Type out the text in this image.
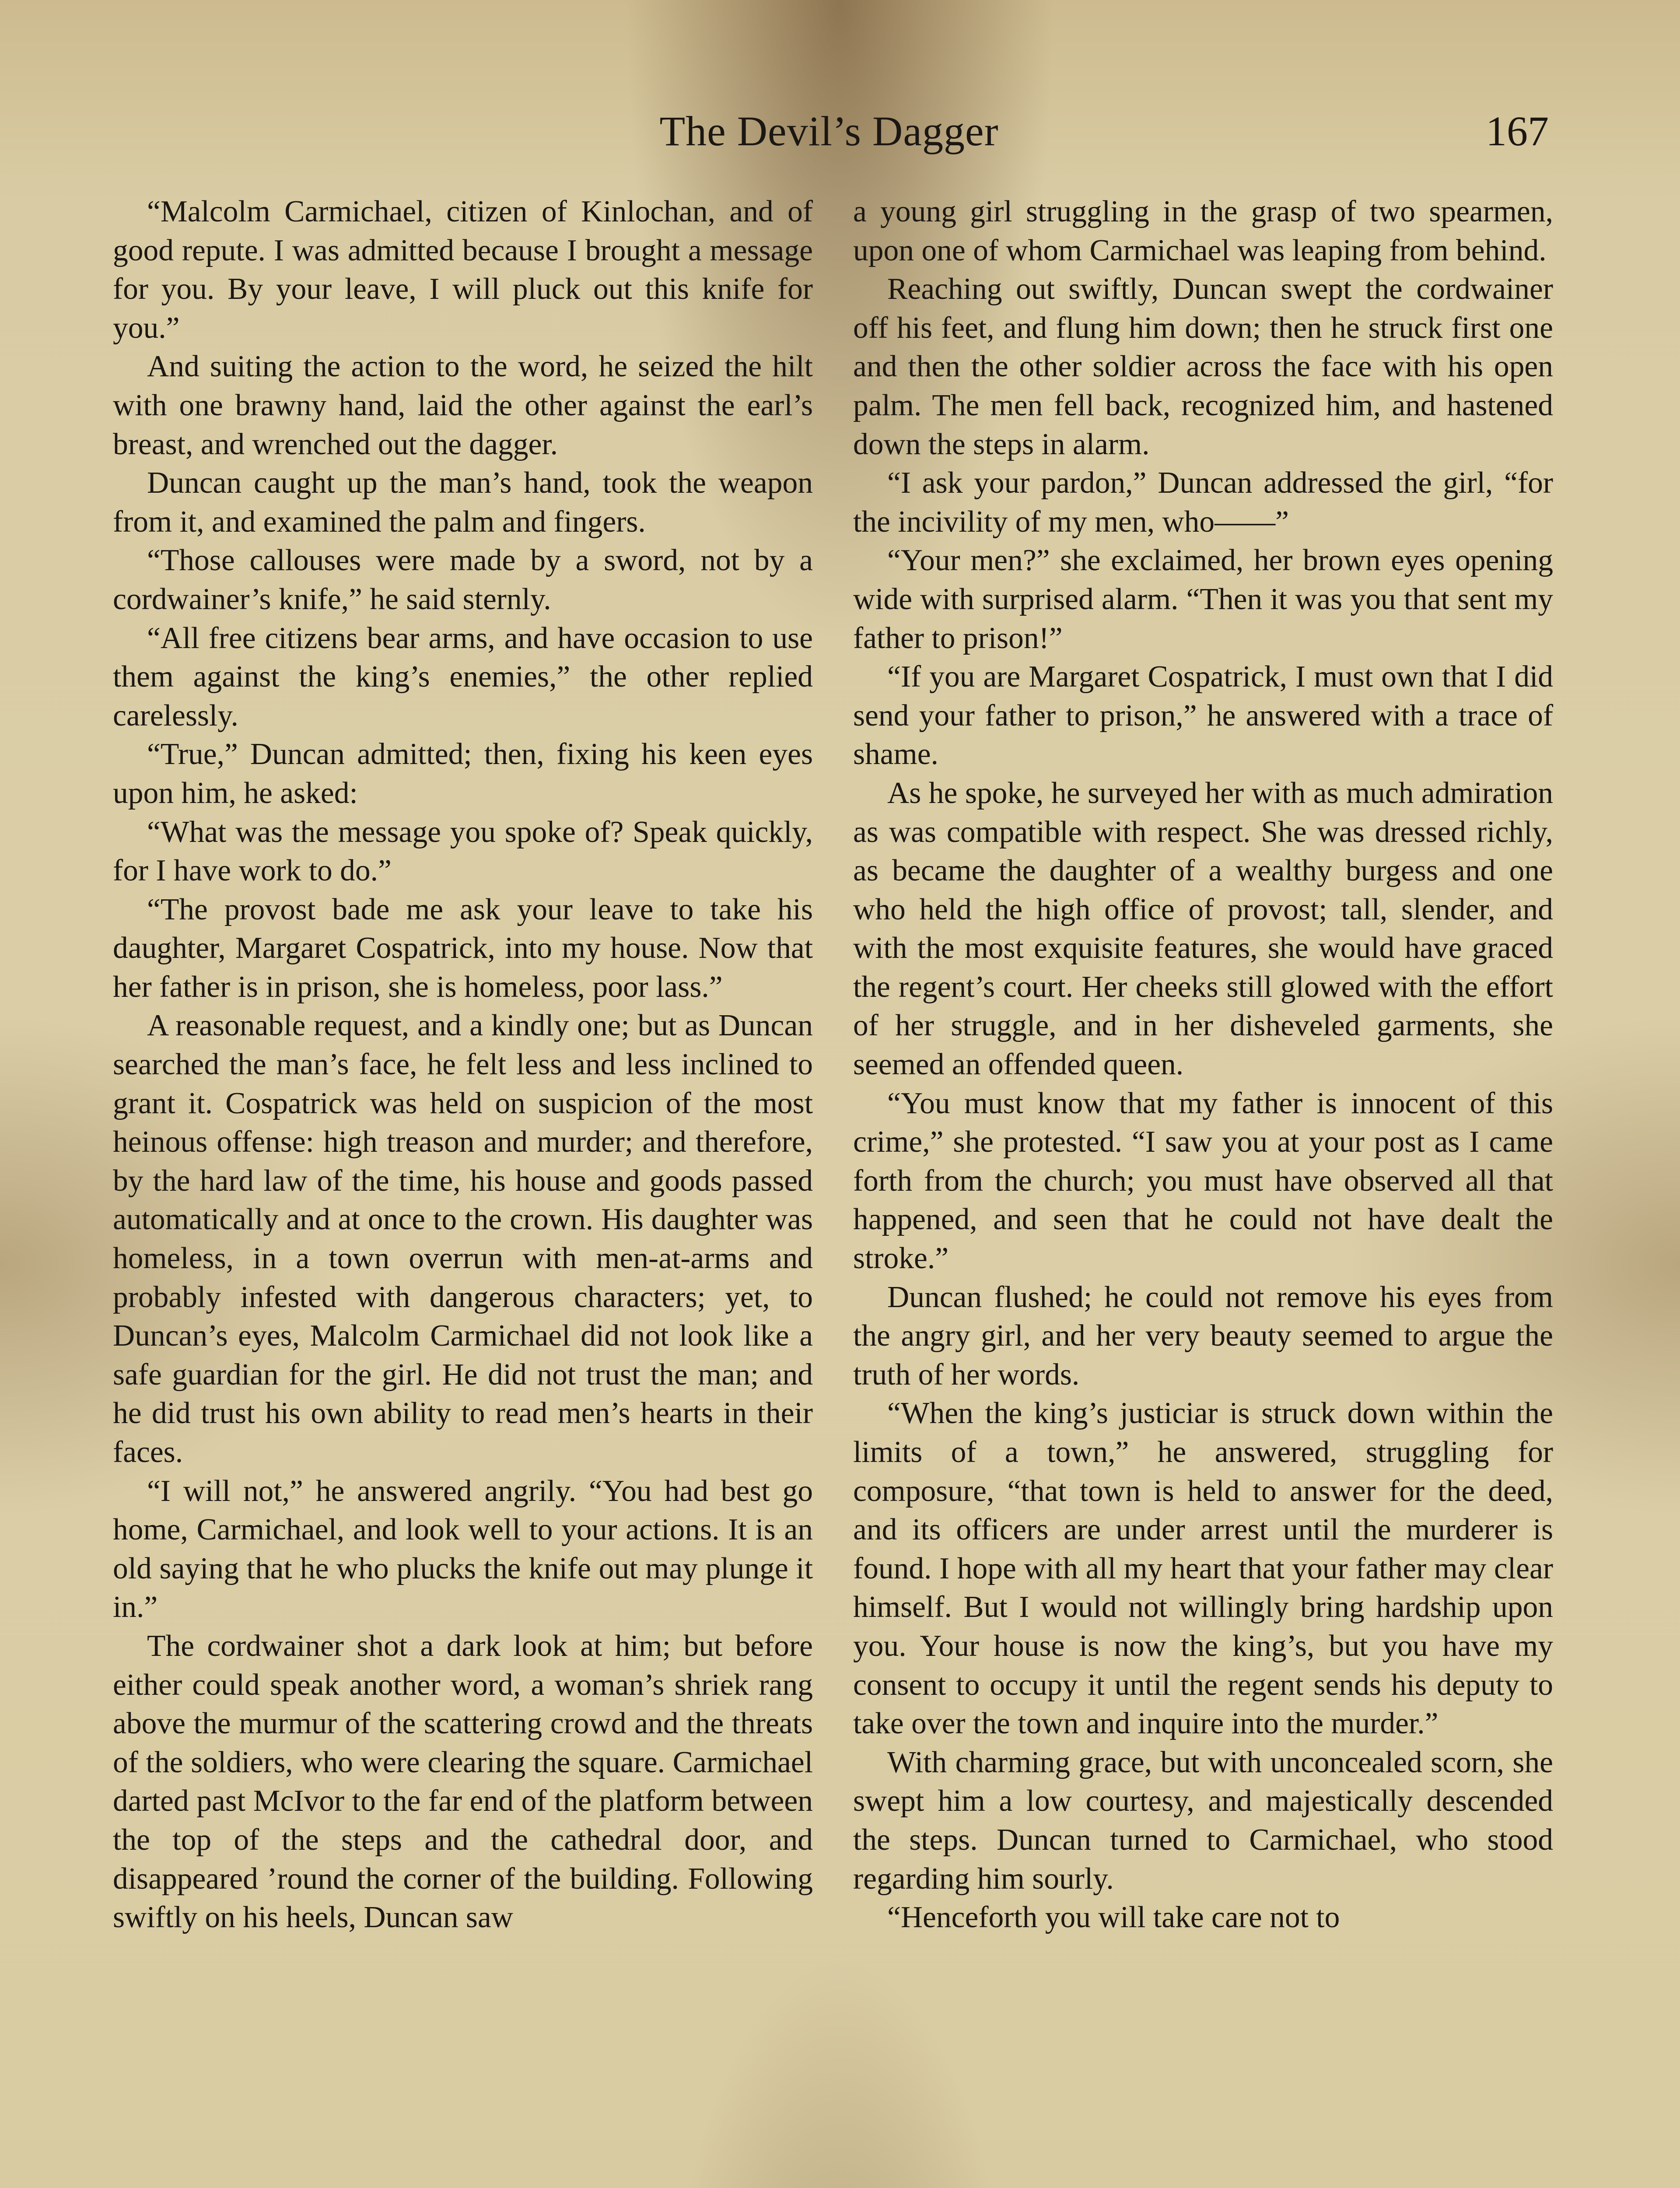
The Devil’s Dagger	167

“Malcolm Carmichael, citizen of Kinlochan, and of good repute. I was admitted because I brought a message for you. By your leave, I will pluck out this knife for you.”

And suiting the action to the word, he seized the hilt with one brawny hand, laid the other against the earl’s breast, and wrenched out the dagger.

Duncan caught up the man’s hand, took the weapon from it, and examined the palm and fingers.

“Those callouses were made by a sword, not by a cordwainer’s knife,” he said sternly.

“All free citizens bear arms, and have occasion to use them against the king’s enemies,” the other replied carelessly.

“True,” Duncan admitted; then, fixing his keen eyes upon him, he asked:

“What was the message you spoke of? Speak quickly, for I have work to do.”

“The provost bade me ask your leave to take his daughter, Margaret Cospatrick, into my house. Now that her father is in prison, she is homeless, poor lass.”

A reasonable request, and a kindly one; but as Duncan searched the man’s face, he felt less and less inclined to grant it. Cospatrick was held on suspicion of the most heinous offense: high treason and murder; and therefore, by the hard law of the time, his house and goods passed automatically and at once to the crown. His daughter was homeless, in a town overrun with men-at-arms and probably infested with dangerous characters; yet, to Duncan’s eyes, Malcolm Carmichael did not look like a safe guardian for the girl. He did not trust the man; and he did trust his own ability to read men’s hearts in their faces.

“I will not,” he answered angrily. “You had best go home, Carmichael, and look well to your actions. It is an old saying that he who plucks the knife out may plunge it in.”

The cordwainer shot a dark look at him; but before either could speak another word, a woman’s shriek rang above the murmur of the scattering crowd and the threats of the soldiers, who were clearing the square. Carmichael darted past McIvor to the far end of the platform between the top of the steps and the cathedral door, and disappeared ’round the corner of the building. Following swiftly on his heels, Duncan saw

a young girl struggling in the grasp of two spearmen, upon one of whom Carmichael was leaping from behind.

Reaching out swiftly, Duncan swept the cordwainer off his feet, and flung him down; then he struck first one and then the other soldier across the face with his open palm. The men fell back, recognized him, and hastened down the steps in alarm.

“I ask your pardon,” Duncan addressed the girl, “for the incivility of my men, who——”

“Your men?” she exclaimed, her brown eyes opening wide with surprised alarm. “Then it was you that sent my father to prison!”

“If you are Margaret Cospatrick, I must own that I did send your father to prison,” he answered with a trace of shame.

As he spoke, he surveyed her with as much admiration as was compatible with respect. She was dressed richly, as became the daughter of a wealthy burgess and one who held the high office of provost; tall, slender, and with the most exquisite features, she would have graced the regent’s court. Her cheeks still glowed with the effort of her struggle, and in her disheveled garments, she seemed an offended queen.

“You must know that my father is innocent of this crime,” she protested. “I saw you at your post as I came forth from the church; you must have observed all that happened, and seen that he could not have dealt the stroke.”

Duncan flushed; he could not remove his eyes from the angry girl, and her very beauty seemed to argue the truth of her words.

“When the king’s justiciar is struck down within the limits of a town,” he answered, struggling for composure, “that town is held to answer for the deed, and its officers are under arrest until the murderer is found. I hope with all my heart that your father may clear himself. But I would not willingly bring hardship upon you. Your house is now the king’s, but you have my consent to occupy it until the regent sends his deputy to take over the town and inquire into the murder.”

With charming grace, but with unconcealed scorn, she swept him a low courtesy, and majestically descended the steps. Duncan turned to Carmichael, who stood regarding him sourly.

“Henceforth you will take care not to
